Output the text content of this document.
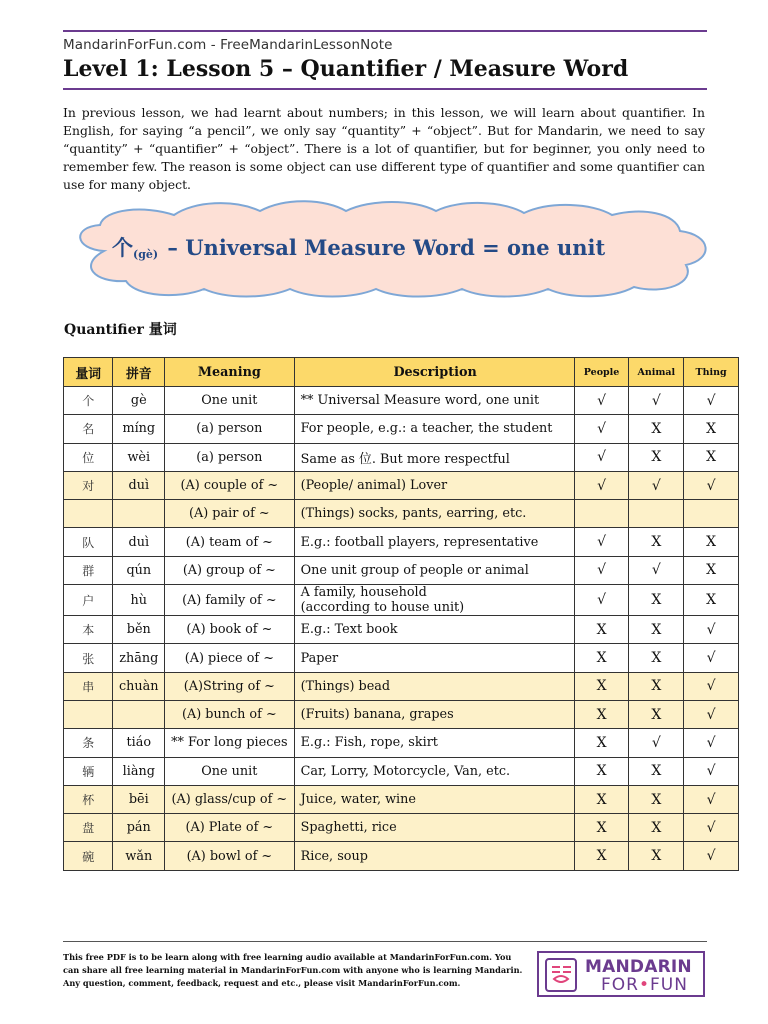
MandarinForFun.com - FreeMandarinLessonNote
Level 1: Lesson 5 – Quantifier / Measure Word
In previous lesson, we had learnt about numbers; in this lesson, we will learn about quantifier. In English, for saying “a pencil”, we only say “quantity” + “object”. But for Mandarin, we need to say “quantity” + “quantifier” + “object”. There is a lot of quantifier, but for beginner, you only need to remember few. The reason is some object can use different type of quantifier and some quantifier can use for many object.
个$_{(gè)}$ – Universal Measure Word = one unit
Quantifier 量词
量词	拼音	Meaning	Description	People	Animal	Thing
个	gè	One unit	** Universal Measure word, one unit	√	√	√
名	míng	(a) person	For people, e.g.: a teacher, the student	√	X	X
位	wèi	(a) person	Same as 位. But more respectful	√	X	X
对	duì	(A) couple of ~	(People/ animal) Lover	√	√	√
		(A) pair of ~	(Things) socks, pants, earring, etc.			
队	duì	(A) team of ~	E.g.: football players, representative	√	X	X
群	qún	(A) group of ~	One unit group of people or animal	√	√	X
户	hù	(A) family of ~	A family, household
(according to house unit)	√	X	X
本	běn	(A) book of ~	E.g.: Text book	X	X	√
张	zhāng	(A) piece of ~	Paper	X	X	√
串	chuàn	(A)String of ~	(Things) bead	X	X	√
		(A) bunch of ~	(Fruits) banana, grapes	X	X	√
条	tiáo	** For long pieces	E.g.: Fish, rope, skirt	X	√	√
辆	liàng	One unit	Car, Lorry, Motorcycle, Van, etc.	X	X	√
杯	bēi	(A) glass/cup of ~	Juice, water, wine	X	X	√
盘	pán	(A) Plate of ~	Spaghetti, rice	X	X	√
碗	wǎn	(A) bowl of ~	Rice, soup	X	X	√
This free PDF is to be learn along with free learning audio available at MandarinForFun.com. You can share all free learning material in MandarinForFun.com with anyone who is learning Mandarin. Any question, comment, feedback, request and etc., please visit MandarinForFun.com.
MANDARIN
FOR•FUN
